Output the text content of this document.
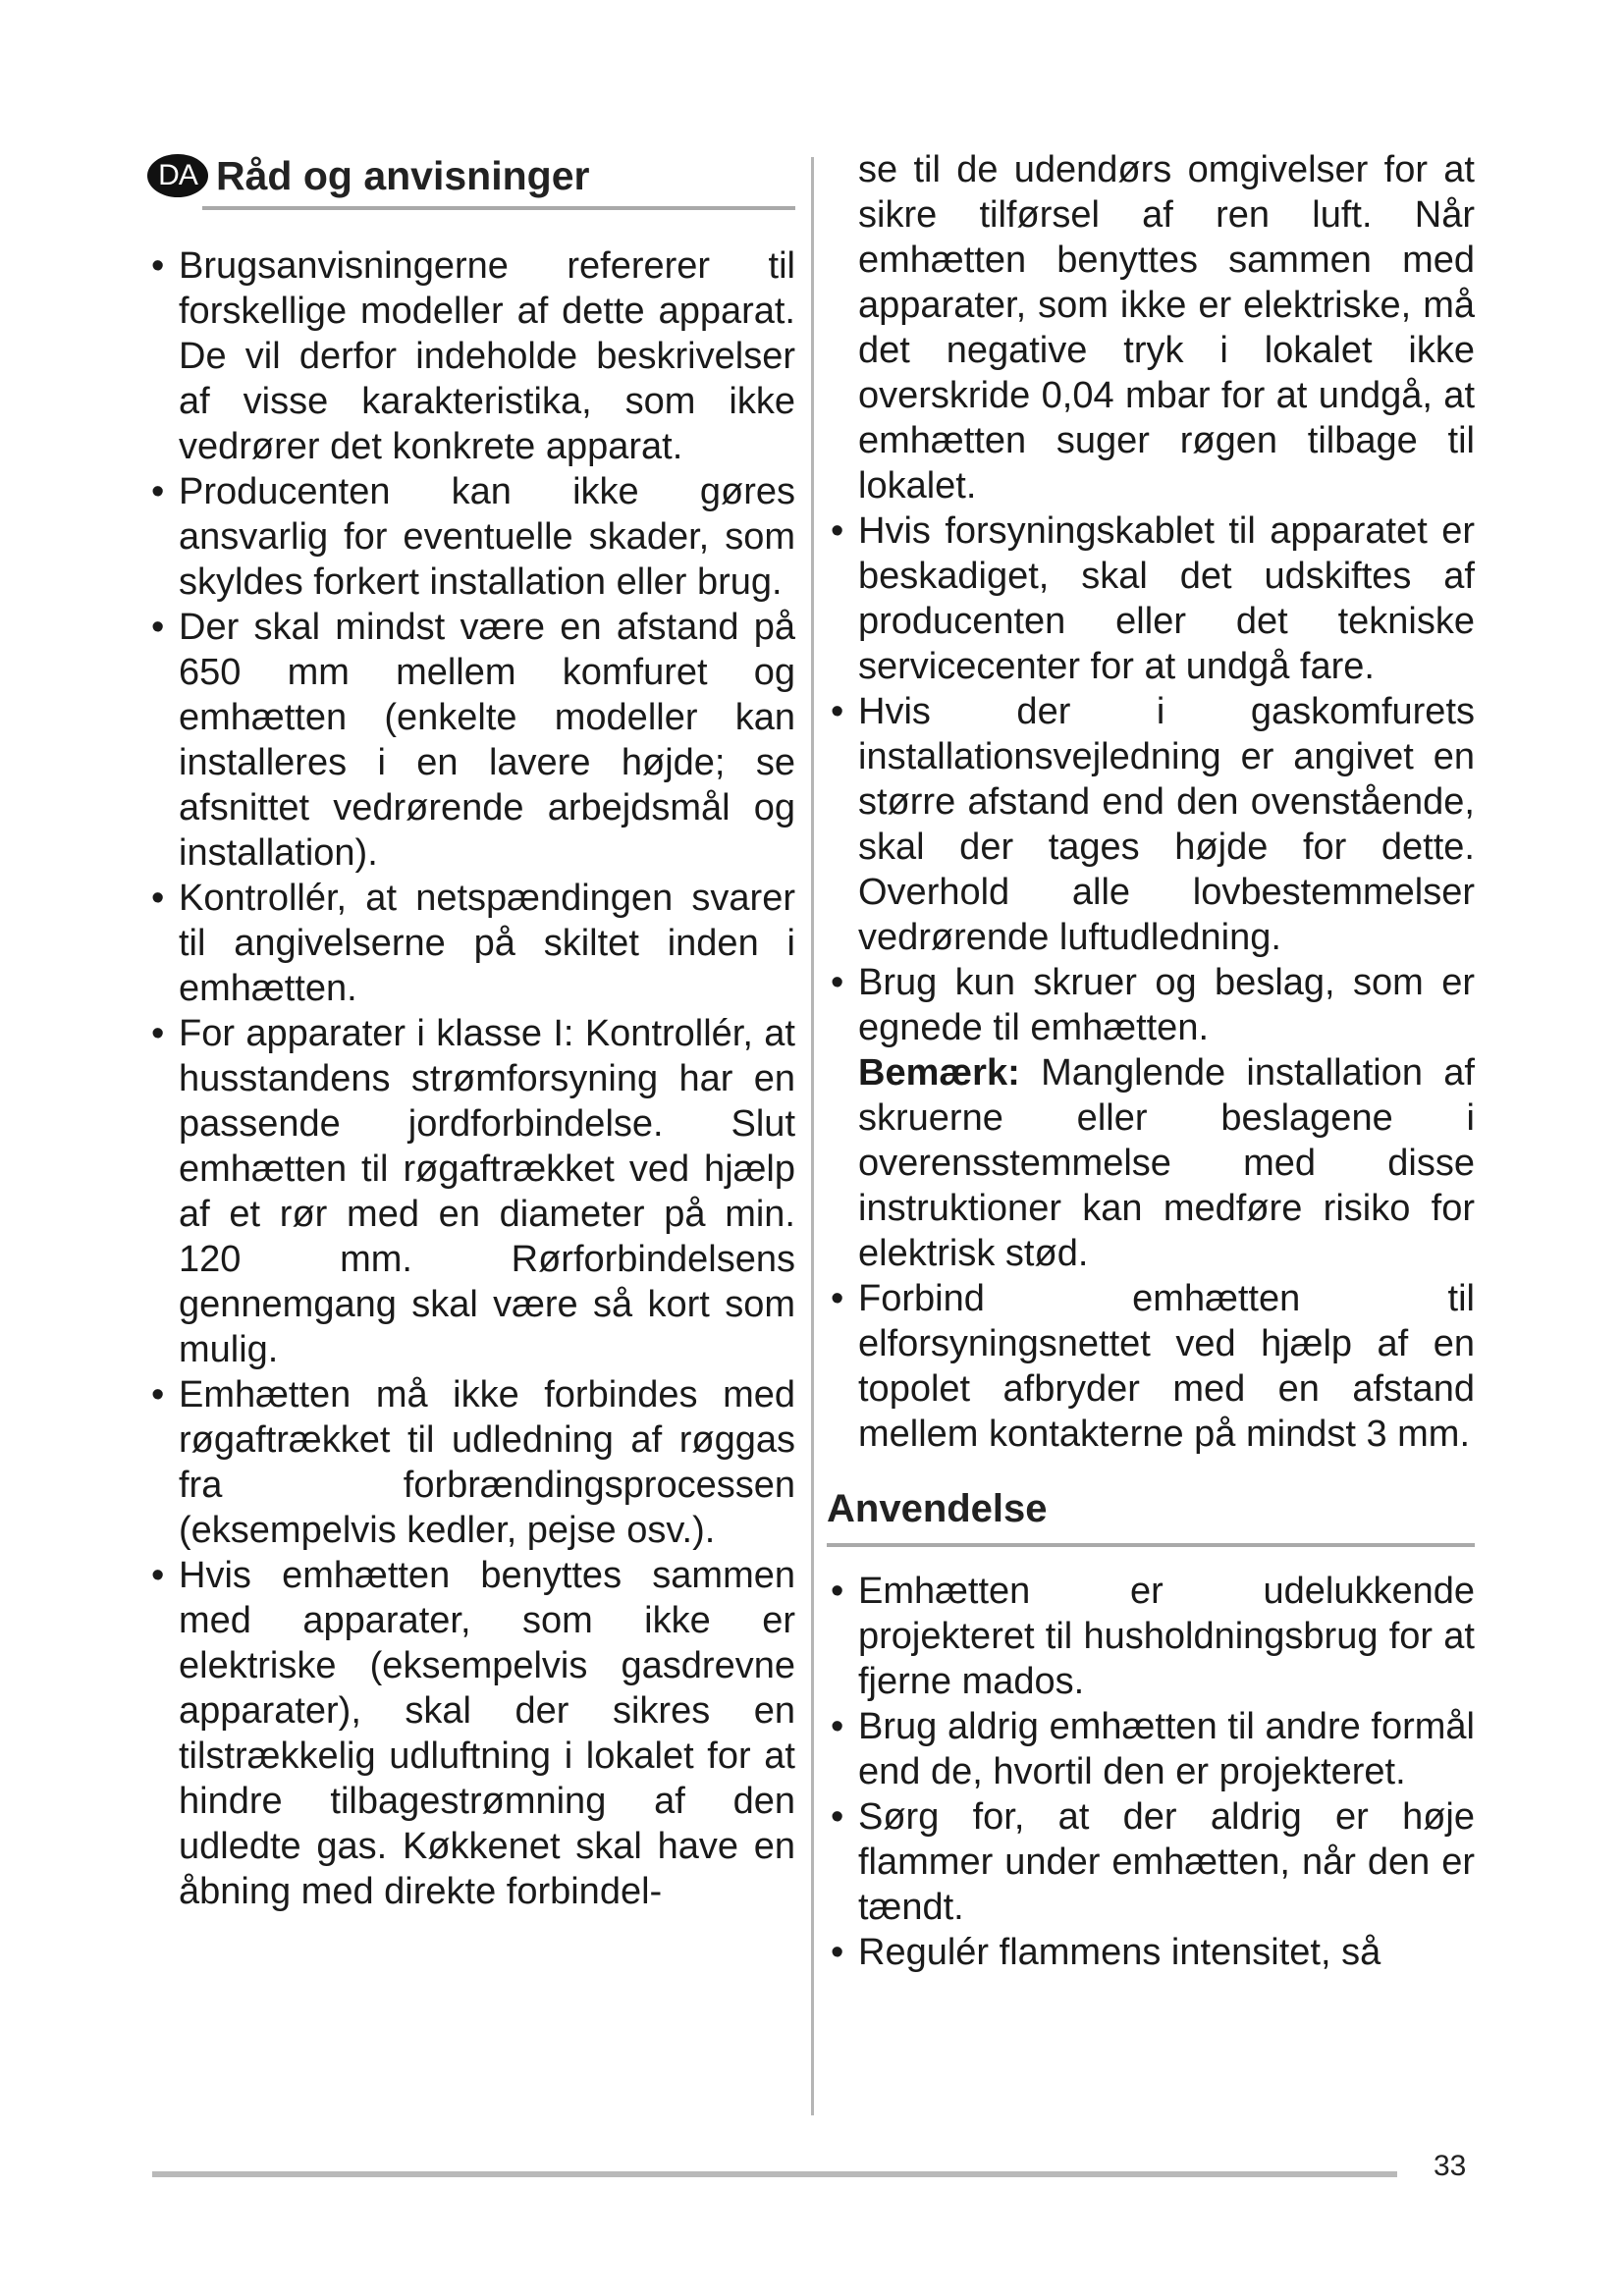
DA Råd og anvisninger
• Brugsanvisningerne refererer til forskellige modeller af dette apparat. De vil derfor indeholde beskrivelser af visse karakteristika, som ikke vedrører det konkrete apparat.
• Producenten kan ikke gøres ansvarlig for eventuelle skader, som skyldes forkert installation eller brug.
• Der skal mindst være en afstand på 650 mm mellem komfuret og emhætten (enkelte modeller kan installeres i en lavere højde; se afsnittet vedrørende arbejdsmål og installation).
• Kontrollér, at netspændingen svarer til angivelserne på skiltet inden i emhætten.
• For apparater i klasse I: Kontrollér, at husstandens strømforsyning har en passende jordforbindelse. Slut emhætten til røgaftrækket ved hjælp af et rør med en diameter på min. 120 mm. Rørforbindelsens gennemgang skal være så kort som mulig.
• Emhætten må ikke forbindes med røgaftrækket til udledning af røggas fra forbrændingsprocessen (eksempelvis kedler, pejse osv.).
• Hvis emhætten benyttes sammen med apparater, som ikke er elektriske (eksempelvis gasdrevne apparater), skal der sikres en tilstrækkelig udluftning i lokalet for at hindre tilbagestrømning af den udledte gas. Køkkenet skal have en åbning med direkte forbindel-

se til de udendørs omgivelser for at sikre tilførsel af ren luft. Når emhætten benyttes sammen med apparater, som ikke er elektriske, må det negative tryk i lokalet ikke overskride 0,04 mbar for at undgå, at emhætten suger røgen tilbage til lokalet.

• Hvis forsyningskablet til apparatet er beskadiget, skal det udskiftes af producenten eller det tekniske servicecenter for at undgå fare.
• Hvis der i gaskomfurets installationsvejledning er angivet en større afstand end den ovenstående, skal der tages højde for dette. Overhold alle lovbestemmelser vedrørende luftudledning.
• Brug kun skruer og beslag, som er egnede til emhætten.

Bemærk: Manglende installation af skruerne eller beslagene i overensstemmelse med disse instruktioner kan medføre risiko for elektrisk stød.

• Forbind emhætten til elforsyningsnettet ved hjælp af en topolet afbryder med en afstand mellem kontakterne på mindst 3 mm.
Anvendelse
• Emhætten er udelukkende projekteret til husholdningsbrug for at fjerne mados.
• Brug aldrig emhætten til andre formål end de, hvortil den er projekteret.
• Sørg for, at der aldrig er høje flammer under emhætten, når den er tændt.
• Regulér flammens intensitet, så
33
